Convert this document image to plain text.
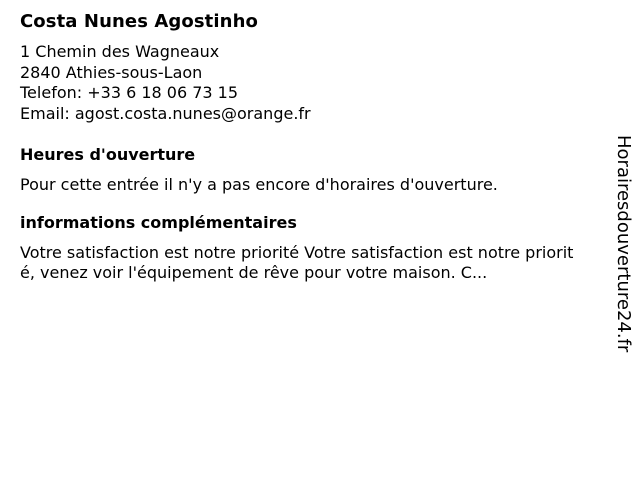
Costa Nunes Agostinho
1 Chemin des Wagneaux
2840 Athies-sous-Laon
Telefon: +33 6 18 06 73 15
Email: agost.costa.nunes@orange.fr
Heures d'ouverture
Pour cette entrée il n'y a pas encore d'horaires d'ouverture.
informations complémentaires
Votre satisfaction est notre priorité Votre satisfaction est notre priorité, venez voir l'équipement de rêve pour votre maison. C...	Horairesdouverture24.fr
